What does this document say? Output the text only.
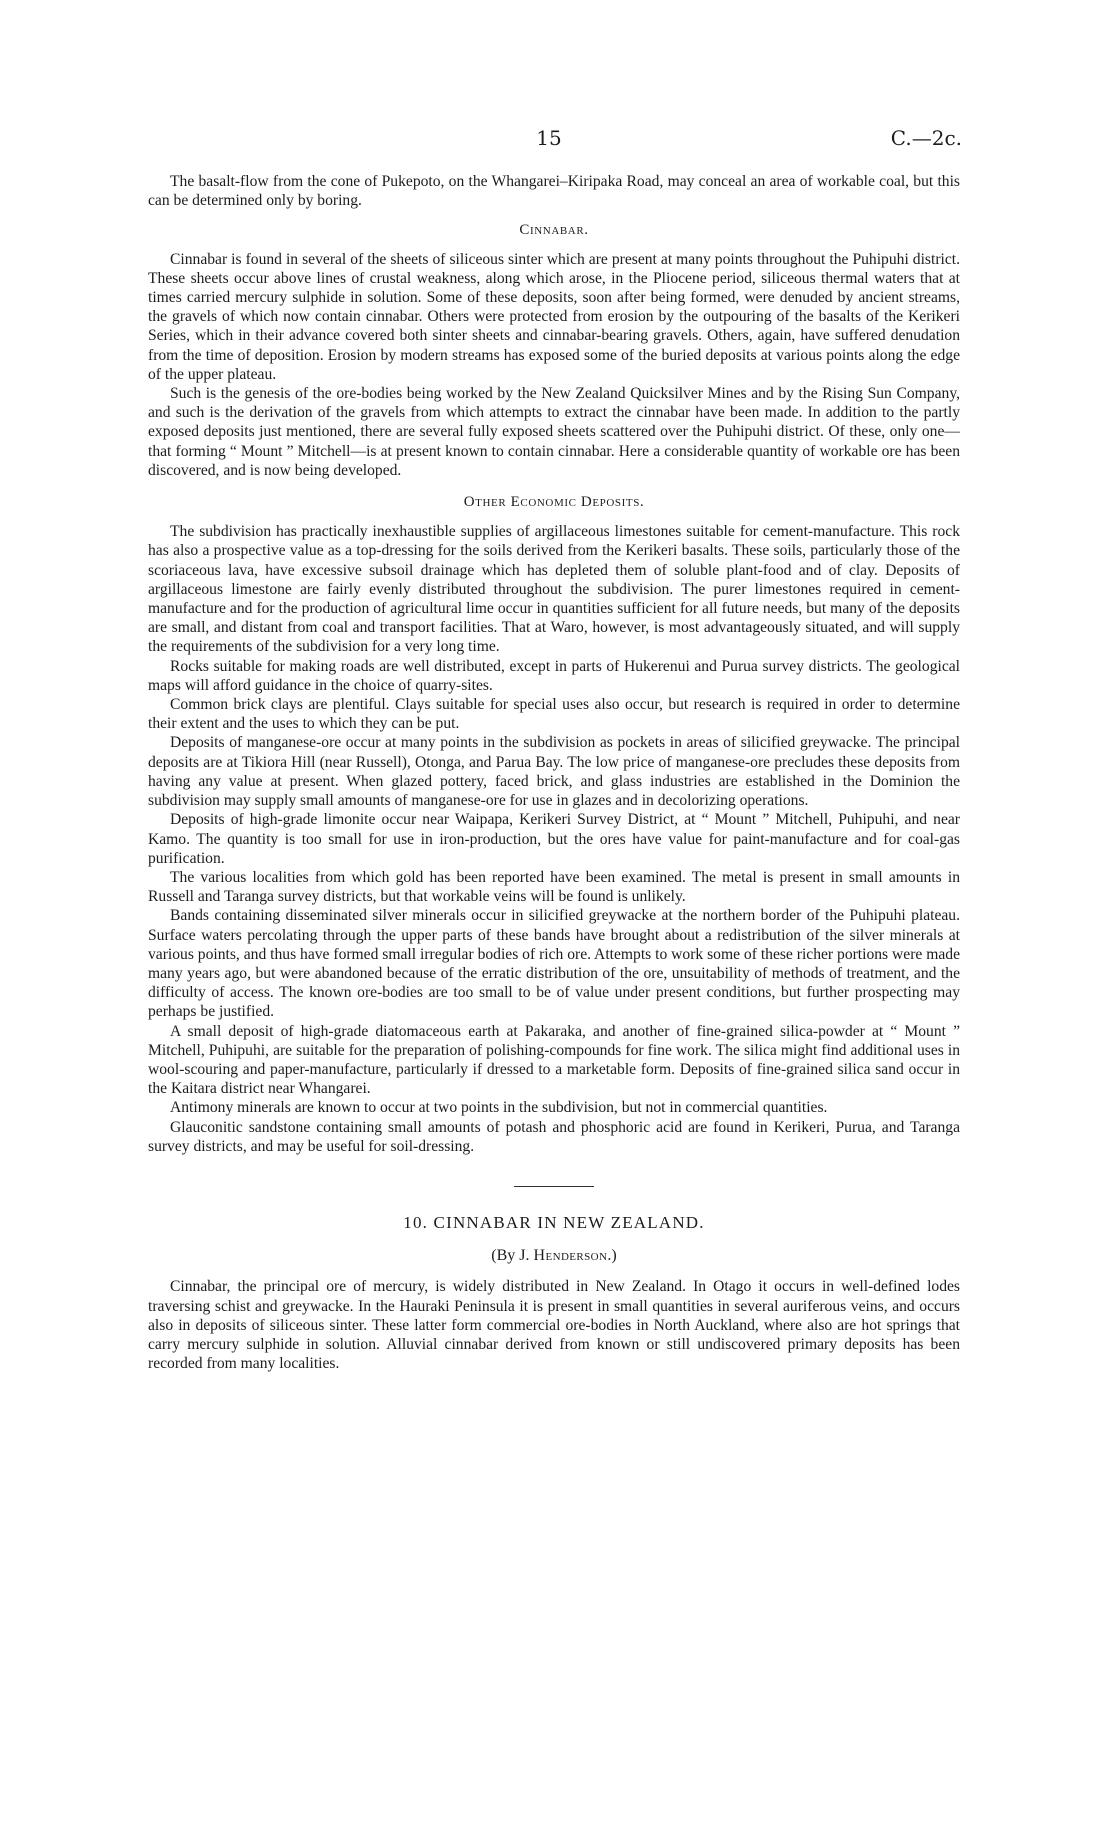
15	C.—2c.

The basalt-flow from the cone of Pukepoto, on the Whangarei–Kiripaka Road, may conceal an area of workable coal, but this can be determined only by boring.

Cinnabar.

Cinnabar is found in several of the sheets of siliceous sinter which are present at many points throughout the Puhipuhi district. These sheets occur above lines of crustal weakness, along which arose, in the Pliocene period, siliceous thermal waters that at times carried mercury sulphide in solution. Some of these deposits, soon after being formed, were denuded by ancient streams, the gravels of which now contain cinnabar. Others were protected from erosion by the outpouring of the basalts of the Kerikeri Series, which in their advance covered both sinter sheets and cinnabar-bearing gravels. Others, again, have suffered denudation from the time of deposition. Erosion by modern streams has exposed some of the buried deposits at various points along the edge of the upper plateau.

Such is the genesis of the ore-bodies being worked by the New Zealand Quicksilver Mines and by the Rising Sun Company, and such is the derivation of the gravels from which attempts to extract the cinnabar have been made. In addition to the partly exposed deposits just mentioned, there are several fully exposed sheets scattered over the Puhipuhi district. Of these, only one—that forming “ Mount ” Mitchell—is at present known to contain cinnabar. Here a considerable quantity of workable ore has been discovered, and is now being developed.

Other Economic Deposits.

The subdivision has practically inexhaustible supplies of argillaceous limestones suitable for cement-manufacture. This rock has also a prospective value as a top-dressing for the soils derived from the Kerikeri basalts. These soils, particularly those of the scoriaceous lava, have excessive subsoil drainage which has depleted them of soluble plant-food and of clay. Deposits of argillaceous limestone are fairly evenly distributed throughout the subdivision. The purer limestones required in cement-manufacture and for the production of agricultural lime occur in quantities sufficient for all future needs, but many of the deposits are small, and distant from coal and transport facilities. That at Waro, however, is most advantageously situated, and will supply the requirements of the subdivision for a very long time.

Rocks suitable for making roads are well distributed, except in parts of Hukerenui and Purua survey districts. The geological maps will afford guidance in the choice of quarry-sites.

Common brick clays are plentiful. Clays suitable for special uses also occur, but research is required in order to determine their extent and the uses to which they can be put.

Deposits of manganese-ore occur at many points in the subdivision as pockets in areas of silicified greywacke. The principal deposits are at Tikiora Hill (near Russell), Otonga, and Parua Bay. The low price of manganese-ore precludes these deposits from having any value at present. When glazed pottery, faced brick, and glass industries are established in the Dominion the subdivision may supply small amounts of manganese-ore for use in glazes and in decolorizing operations.

Deposits of high-grade limonite occur near Waipapa, Kerikeri Survey District, at “ Mount ” Mitchell, Puhipuhi, and near Kamo. The quantity is too small for use in iron-production, but the ores have value for paint-manufacture and for coal-gas purification.

The various localities from which gold has been reported have been examined. The metal is present in small amounts in Russell and Taranga survey districts, but that workable veins will be found is unlikely.

Bands containing disseminated silver minerals occur in silicified greywacke at the northern border of the Puhipuhi plateau. Surface waters percolating through the upper parts of these bands have brought about a redistribution of the silver minerals at various points, and thus have formed small irregular bodies of rich ore. Attempts to work some of these richer portions were made many years ago, but were abandoned because of the erratic distribution of the ore, unsuitability of methods of treatment, and the difficulty of access. The known ore-bodies are too small to be of value under present conditions, but further prospecting may perhaps be justified.

A small deposit of high-grade diatomaceous earth at Pakaraka, and another of fine-grained silica-powder at “ Mount ” Mitchell, Puhipuhi, are suitable for the preparation of polishing-compounds for fine work. The silica might find additional uses in wool-scouring and paper-manufacture, particularly if dressed to a marketable form. Deposits of fine-grained silica sand occur in the Kaitara district near Whangarei.

Antimony minerals are known to occur at two points in the subdivision, but not in commercial quantities.

Glauconitic sandstone containing small amounts of potash and phosphoric acid are found in Kerikeri, Purua, and Taranga survey districts, and may be useful for soil-dressing.

10. CINNABAR IN NEW ZEALAND.
(By J. Henderson.)

Cinnabar, the principal ore of mercury, is widely distributed in New Zealand. In Otago it occurs in well-defined lodes traversing schist and greywacke. In the Hauraki Peninsula it is present in small quantities in several auriferous veins, and occurs also in deposits of siliceous sinter. These latter form commercial ore-bodies in North Auckland, where also are hot springs that carry mercury sulphide in solution. Alluvial cinnabar derived from known or still undiscovered primary deposits has been recorded from many localities.
